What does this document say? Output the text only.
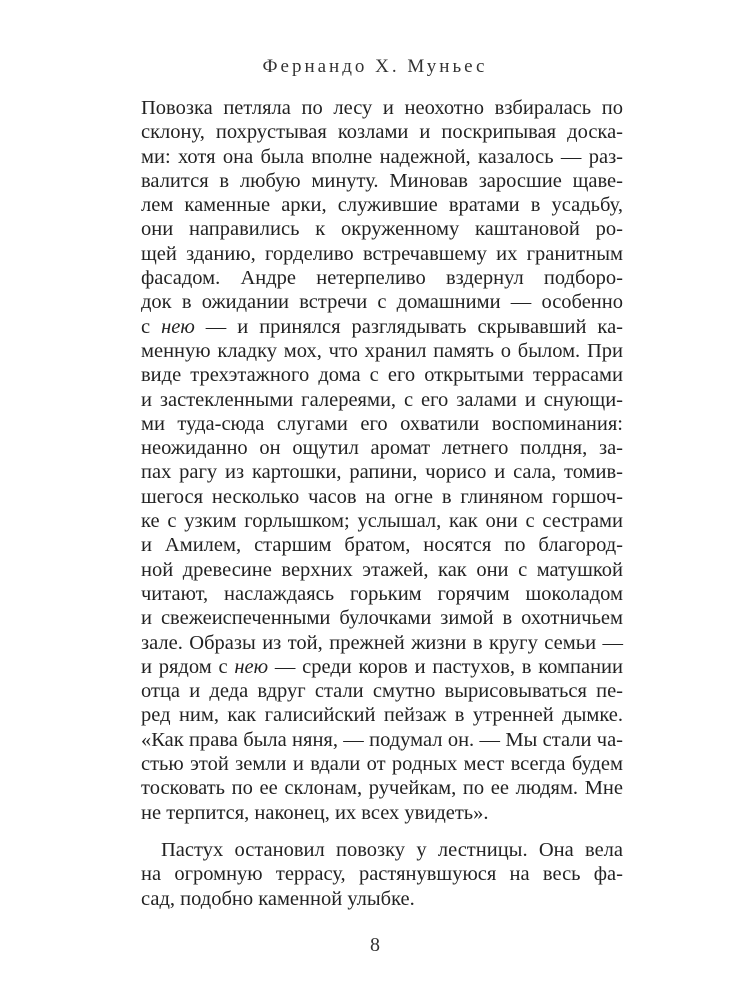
Фернандо Х. Муньес
Повозка петляла по лесу и неохотно взбиралась по
склону, похрустывая козлами и поскрипывая доска-
ми: хотя она была вполне надежной, казалось — раз-
валится в любую минуту. Миновав заросшие щаве-
лем каменные арки, служившие вратами в усадьбу,
они направились к окруженному каштановой ро-
щей зданию, горделиво встречавшему их гранитным
фасадом. Андре нетерпеливо вздернул подборо-
док в ожидании встречи с домашними — особенно
с нею — и принялся разглядывать скрывавший ка-
менную кладку мох, что хранил память о былом. При
виде трехэтажного дома с его открытыми террасами
и застекленными галереями, с его залами и снующи-
ми туда-сюда слугами его охватили воспоминания:
неожиданно он ощутил аромат летнего полдня, за-
пах рагу из картошки, рапини, чорисо и сала, томив-
шегося несколько часов на огне в глиняном горшоч-
ке с узким горлышком; услышал, как они с сестрами
и Амилем, старшим братом, носятся по благород-
ной древесине верхних этажей, как они с матушкой
читают, наслаждаясь горьким горячим шоколадом
и свежеиспеченными булочками зимой в охотничьем
зале. Образы из той, прежней жизни в кругу семьи —
и рядом с нею — среди коров и пастухов, в компании
отца и деда вдруг стали смутно вырисовываться пе-
ред ним, как галисийский пейзаж в утренней дымке.
«Как права была няня, — подумал он. — Мы стали ча-
стью этой земли и вдали от родных мест всегда будем
тосковать по ее склонам, ручейкам, по ее людям. Мне
не терпится, наконец, их всех увидеть».
Пастух остановил повозку у лестницы. Она вела
на огромную террасу, растянувшуюся на весь фа-
сад, подобно каменной улыбке.
8
